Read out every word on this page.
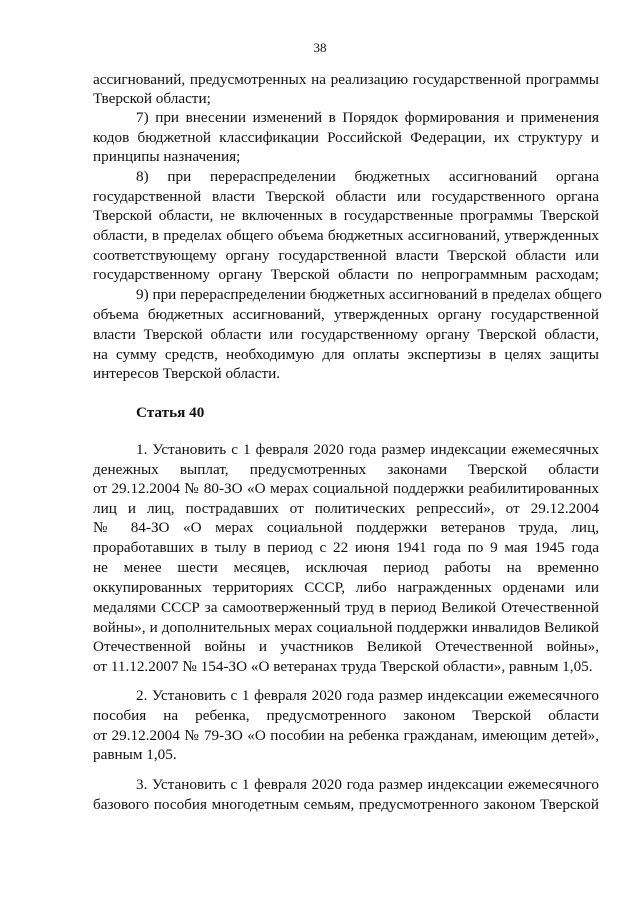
38
ассигнований, предусмотренных на реализацию государственной программы
Тверской области;
7) при внесении изменений в Порядок формирования и применения
кодов бюджетной классификации Российской Федерации, их структуру и
принципы назначения;
8) при перераспределении бюджетных ассигнований органа
государственной власти Тверской области или государственного органа
Тверской области, не включенных в государственные программы Тверской
области, в пределах общего объема бюджетных ассигнований, утвержденных
соответствующему органу государственной власти Тверской области или
государственному органу Тверской области по непрограммным расходам;
9) при перераспределении бюджетных ассигнований в пределах общего
объема бюджетных ассигнований, утвержденных органу государственной
власти Тверской области или государственному органу Тверской области,
на сумму средств, необходимую для оплаты экспертизы в целях защиты
интересов Тверской области.
Статья 40
1. Установить с 1 февраля 2020 года размер индексации ежемесячных
денежных выплат, предусмотренных законами Тверской области
от 29.12.2004 № 80-ЗО «О мерах социальной поддержки реабилитированных
лиц и лиц, пострадавших от политических репрессий», от 29.12.2004
№ 84-ЗО «О мерах социальной поддержки ветеранов труда, лиц,
проработавших в тылу в период с 22 июня 1941 года по 9 мая 1945 года
не менее шести месяцев, исключая период работы на временно
оккупированных территориях СССР, либо награжденных орденами или
медалями СССР за самоотверженный труд в период Великой Отечественной
войны», и дополнительных мерах социальной поддержки инвалидов Великой
Отечественной войны и участников Великой Отечественной войны»,
от 11.12.2007 № 154-ЗО «О ветеранах труда Тверской области», равным 1,05.
2. Установить с 1 февраля 2020 года размер индексации ежемесячного
пособия на ребенка, предусмотренного законом Тверской области
от 29.12.2004 № 79-ЗО «О пособии на ребенка гражданам, имеющим детей»,
равным 1,05.
3. Установить с 1 февраля 2020 года размер индексации ежемесячного
базового пособия многодетным семьям, предусмотренного законом Тверской
